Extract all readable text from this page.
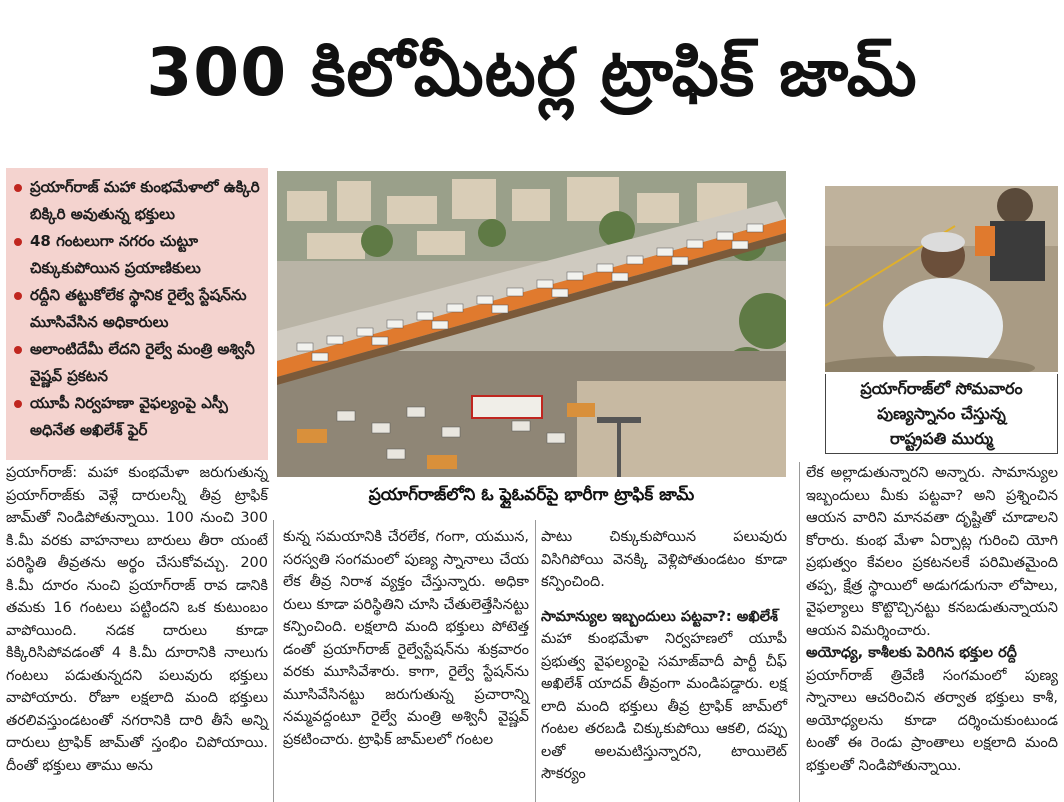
300 కిలోమీటర్ల ట్రాఫిక్ జామ్
ప్రయాగ్‌రాజ్ మహా కుంభమేళాలో ఉక్కిరి బిక్కిరి అవుతున్న భక్తులు
48 గంటలుగా నగరం చుట్టూ చిక్కుకుపోయిన ప్రయాణికులు
రద్దీని తట్టుకోలేక స్థానిక రైల్వే స్టేషన్‌ను మూసివేసిన అధికారులు
అలాంటిదేమీ లేదని రైల్వే మంత్రి అశ్వినీ వైష్ణవ్ ప్రకటన
యూపీ నిర్వహణా వైఫల్యంపై ఎస్పీ అధినేత అఖిలేశ్ ఫైర్
ప్రయాగ్‌రాజ్‌లోని ఓ ఫ్లైఓవర్‌పై భారీగా ట్రాఫిక్ జామ్
ప్రయాగ్‌రాజ్‌లో సోమవారం
పుణ్యస్నానం చేస్తున్న
రాష్ట్రపతి ముర్ము

ప్రయాగ్‌రాజ్: మహా కుంభమేళా జరుగుతున్న ప్రయాగ్‌రాజ్‌కు వెళ్లే దారులన్నీ తీవ్ర ట్రాఫిక్ జామ్‌తో నిండిపోతున్నాయి. 100 నుంచి 300 కి.మీ వరకు వాహనాలు బారులు తీరా యంటే పరిస్థితి తీవ్రతను అర్థం చేసుకోవచ్చు. 200 కి.మీ దూరం నుంచి ప్రయాగ్‌రాజ్ రావ డానికి తమకు 16 గంటలు పట్టిందని ఒక కుటుంబం వాపోయింది. నడక దారులు కూడా కిక్కిరిసిపోవడంతో 4 కి.మీ దూరానికి నాలుగు గంటలు పడుతున్నదని పలువురు భక్తులు వాపోయారు. రోజూ లక్షలాది మంది భక్తులు తరలివస్తుండటంతో నగరానికి దారి తీసే అన్ని దారులు ట్రాఫిక్ జామ్‌తో స్తంభిం చిపోయాయి. దీంతో భక్తులు తాము అను

కున్న సమయానికి చేరలేక, గంగా, యమున, సరస్వతి సంగమంలో పుణ్య స్నానాలు చేయ లేక తీవ్ర నిరాశ వ్యక్తం చేస్తున్నారు. అధికా రులు కూడా పరిస్థితిని చూసి చేతులెత్తేసినట్టు కన్పించింది. లక్షలాది మంది భక్తులు పోటెత్త డంతో ప్రయాగ్‌రాజ్ రైల్వేస్టేషన్‌ను శుక్రవారం వరకు మూసివేశారు. కాగా, రైల్వే స్టేషన్‌ను మూసివేసినట్టు జరుగుతున్న ప్రచారాన్ని నమ్మవద్దంటూ రైల్వే మంత్రి అశ్వినీ వైష్ణవ్ ప్రకటించారు. ట్రాఫిక్ జామ్‌లలో గంటల

పాటు చిక్కుకుపోయిన పలువురు విసిగిపోయి వెనక్కి వెళ్లిపోతుండటం కూడా కన్పించింది.

సామాన్యుల ఇబ్బందులు పట్టవా?: అఖిలేశ్

మహా కుంభమేళా నిర్వహణలో యూపీ ప్రభుత్వ వైఫల్యంపై సమాజ్‌వాదీ పార్టీ చీఫ్ అఖిలేశ్ యాదవ్ తీవ్రంగా మండిపడ్డారు. లక్ష లాది మంది భక్తులు తీవ్ర ట్రాఫిక్ జామ్‌లో గంటల తరబడి చిక్కుకుపోయి ఆకలి, దప్పు లతో అలమటిస్తున్నారని, టాయిలెట్ సౌకర్యం

లేక అల్లాడుతున్నారని అన్నారు. సామాన్యుల ఇబ్బందులు మీకు పట్టవా? అని ప్రశ్నించిన ఆయన వారిని మానవతా దృష్టితో చూడాలని కోరారు. కుంభ మేళా ఏర్పాట్ల గురించి యోగి ప్రభుత్వం కేవలం ప్రకటనలకే పరిమితమైంది తప్ప, క్షేత్ర స్థాయిలో అడుగడుగునా లోపాలు, వైఫల్యాలు కొట్టొచ్చినట్టు కనబడుతున్నాయని ఆయన విమర్శించారు.

అయోధ్య, కాశీలకు పెరిగిన భక్తుల రద్దీ

ప్రయాగ్‌రాజ్ త్రివేణి సంగమంలో పుణ్య స్నానాలు ఆచరించిన తర్వాత భక్తులు కాశీ, అయోధ్యలను కూడా దర్శించుకుంటుండ టంతో ఈ రెండు ప్రాంతాలు లక్షలాది మంది భక్తులతో నిండిపోతున్నాయి.
